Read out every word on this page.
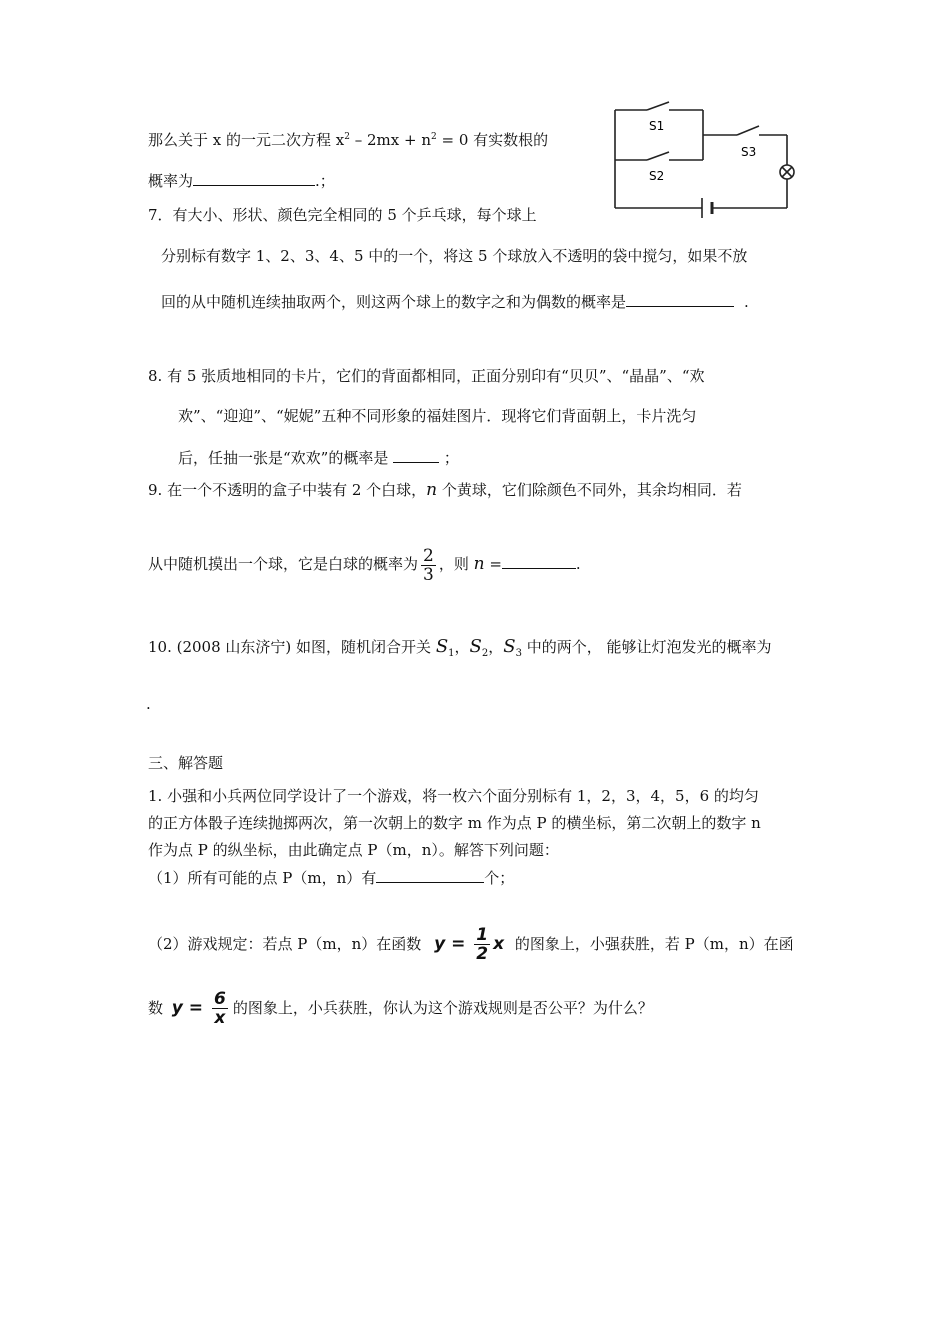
S1
S2
S3
那么关于 x 的一元二次方程 $x^2 - 2mx + n^2 = 0$ 有实数根的
概率为	.；
7．有大小、形状、颜色完全相同的 5 个乒乓球，每个球上
分别标有数字 1、2、3、4、5 中的一个，将这 5 个球放入不透明的袋中搅匀，如果不放
回的从中随机连续抽取两个，则这两个球上的数字之和为偶数的概率是	.
8. 有 5 张质地相同的卡片，它们的背面都相同，正面分别印有“贝贝”、“晶晶”、“欢
欢”、“迎迎”、“妮妮”五种不同形象的福娃图片．现将它们背面朝上，卡片洗匀
后，任抽一张是“欢欢”的概率是	；
9. 在一个不透明的盒子中装有 2 个白球，n 个黄球，它们除颜色不同外，其余均相同．若
从中随机摸出一个球，它是白球的概率为 $\frac{2}{3}$ ，则 n =	.
10. (2008 山东济宁) 如图，随机闭合开关 $S_1$，$S_2$，$S_3$ 中的两个， 能够让灯泡发光的概率为
.
三、解答题
1. 小强和小兵两位同学设计了一个游戏，将一枚六个面分别标有 1，2，3，4，5，6 的均匀
的正方体骰子连续抛掷两次，第一次朝上的数字 m 作为点 P 的横坐标，第二次朝上的数字 n
作为点 P 的纵坐标，由此确定点 P（m，n）。解答下列问题：
（1）所有可能的点 P（m，n）有	个；
（2）游戏规定：若点 P（m，n）在函数 $y = \frac{1}{2}$ x 的图象上，小强获胜，若 P（m，n）在函
数 $y = \frac{6}{x}$ 的图象上，小兵获胜，你认为这个游戏规则是否公平？为什么？
